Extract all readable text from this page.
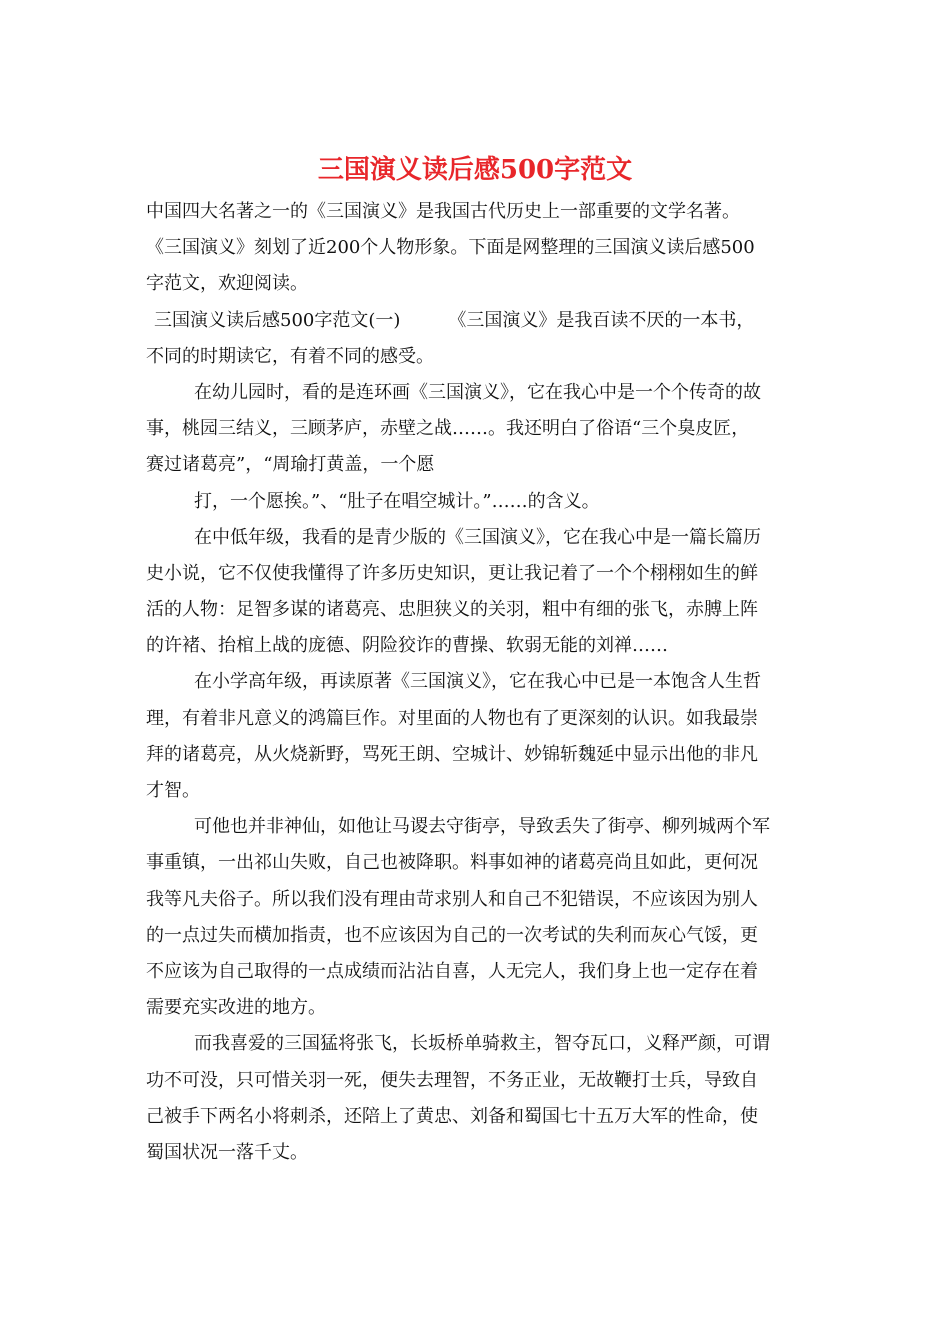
三国演义读后感500字范文
中国四大名著之一的《三国演义》是我国古代历史上一部重要的文学名著。
《三国演义》刻划了近200个人物形象。下面是网整理的三国演义读后感500
字范文，欢迎阅读。
三国演义读后感500字范文(一)	《三国演义》是我百读不厌的一本书，
不同的时期读它，有着不同的感受。
在幼儿园时，看的是连环画《三国演义》，它在我心中是一个个传奇的故
事，桃园三结义，三顾茅庐，赤壁之战……。我还明白了俗语“三个臭皮匠，
赛过诸葛亮”，“周瑜打黄盖，一个愿
打，一个愿挨。”、“肚子在唱空城计。”……的含义。
在中低年级，我看的是青少版的《三国演义》，它在我心中是一篇长篇历
史小说，它不仅使我懂得了许多历史知识，更让我记着了一个个栩栩如生的鲜
活的人物：足智多谋的诸葛亮、忠胆狭义的关羽，粗中有细的张飞，赤膊上阵
的许褚、抬棺上战的庞德、阴险狡诈的曹操、软弱无能的刘禅……
在小学高年级，再读原著《三国演义》，它在我心中已是一本饱含人生哲
理，有着非凡意义的鸿篇巨作。对里面的人物也有了更深刻的认识。如我最崇
拜的诸葛亮，从火烧新野，骂死王朗、空城计、妙锦斩魏延中显示出他的非凡
才智。
可他也并非神仙，如他让马谡去守街亭，导致丢失了街亭、柳列城两个军
事重镇，一出祁山失败，自己也被降职。料事如神的诸葛亮尚且如此，更何况
我等凡夫俗子。所以我们没有理由苛求别人和自己不犯错误，不应该因为别人
的一点过失而横加指责，也不应该因为自己的一次考试的失利而灰心气馁，更
不应该为自己取得的一点成绩而沾沾自喜，人无完人，我们身上也一定存在着
需要充实改进的地方。
而我喜爱的三国猛将张飞，长坂桥单骑救主，智夺瓦口，义释严颜，可谓
功不可没，只可惜关羽一死，便失去理智，不务正业，无故鞭打士兵，导致自
己被手下两名小将刺杀，还陪上了黄忠、刘备和蜀国七十五万大军的性命，使
蜀国状况一落千丈。
